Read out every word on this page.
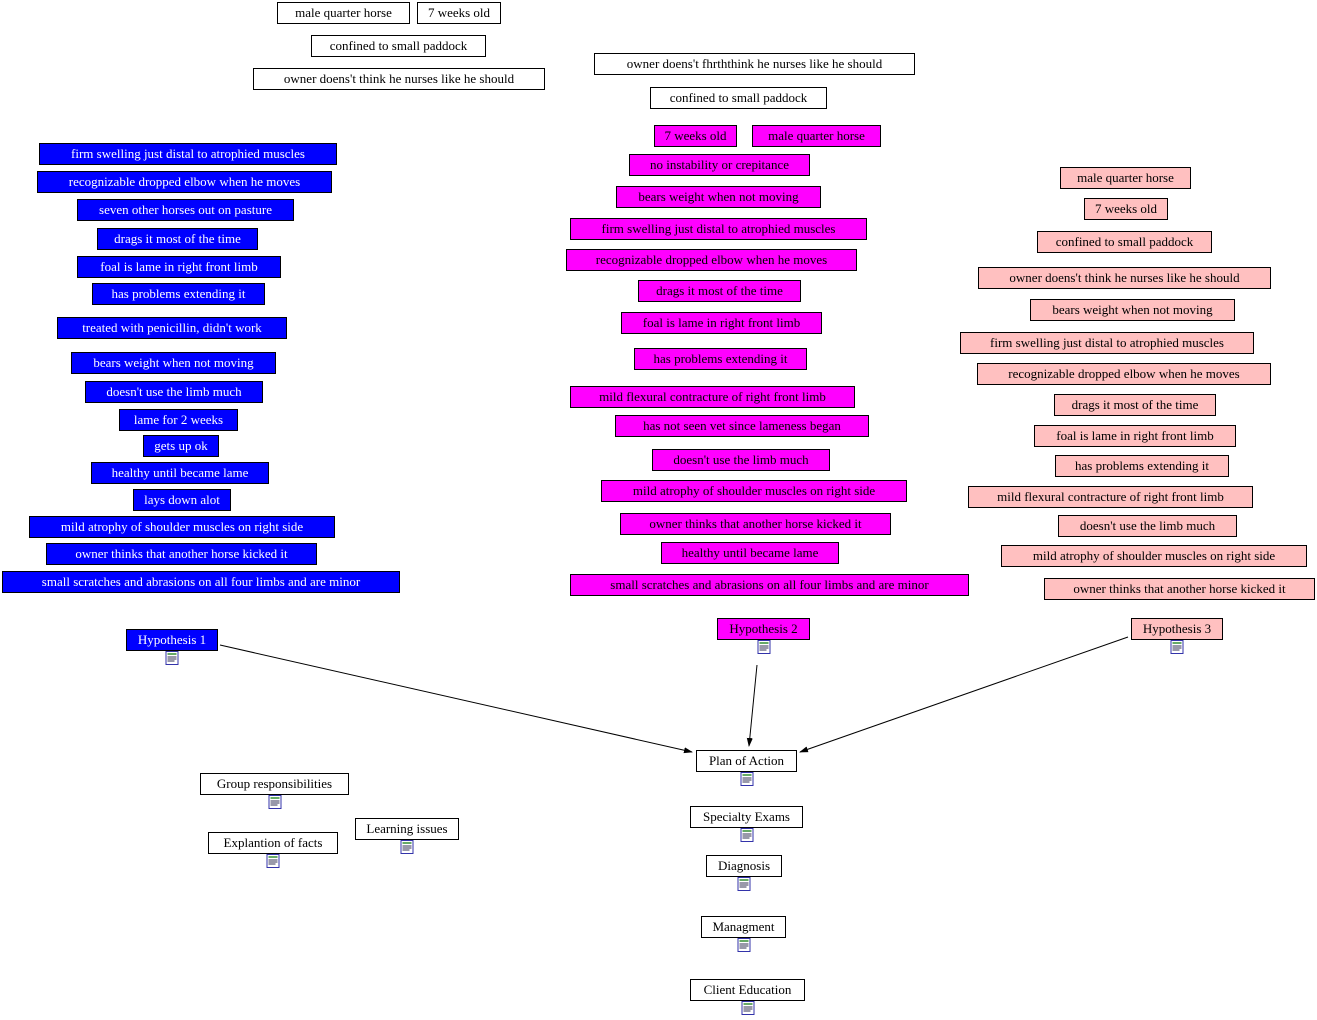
male quarter horse	7 weeks old
confined to small paddock
owner doens't think he nurses like he should
owner doens't fhrththink he nurses like he should
confined to small paddock
firm swelling just distal to atrophied muscles
recognizable dropped elbow when he moves
seven other horses out on pasture
drags it most of the time
foal is lame in right front limb
has problems extending it
treated with penicillin, didn't work
bears weight when not moving
doesn't use the limb much
lame for 2 weeks
gets up ok
healthy until became lame
lays down alot
mild atrophy of shoulder muscles on right side
owner thinks that another horse kicked it
small scratches and abrasions on all four limbs and are minor
7 weeks old	male quarter horse
no instability or crepitance
bears weight when not moving
firm swelling just distal to atrophied muscles
recognizable dropped elbow when he moves
drags it most of the time
foal is lame in right front limb
has problems extending it
mild flexural contracture of right front limb
has not seen vet since lameness began
doesn't use the limb much
mild atrophy of shoulder muscles on right side
owner thinks that another horse kicked it
healthy until became lame
small scratches and abrasions on all four limbs and are minor
male quarter horse
7 weeks old
confined to small paddock
owner doens't think he nurses like he should
bears weight when not moving
firm swelling just distal to atrophied muscles
recognizable dropped elbow when he moves
drags it most of the time
foal is lame in right front limb
has problems extending it
mild flexural contracture of right front limb
doesn't use the limb much
mild atrophy of shoulder muscles on right side
owner thinks that another horse kicked it
Hypothesis 1
Hypothesis 2	Hypothesis 3
Plan of Action
Specialty Exams
Diagnosis
Managment
Client Education
Group responsibilities
Learning issues
Explantion of facts
